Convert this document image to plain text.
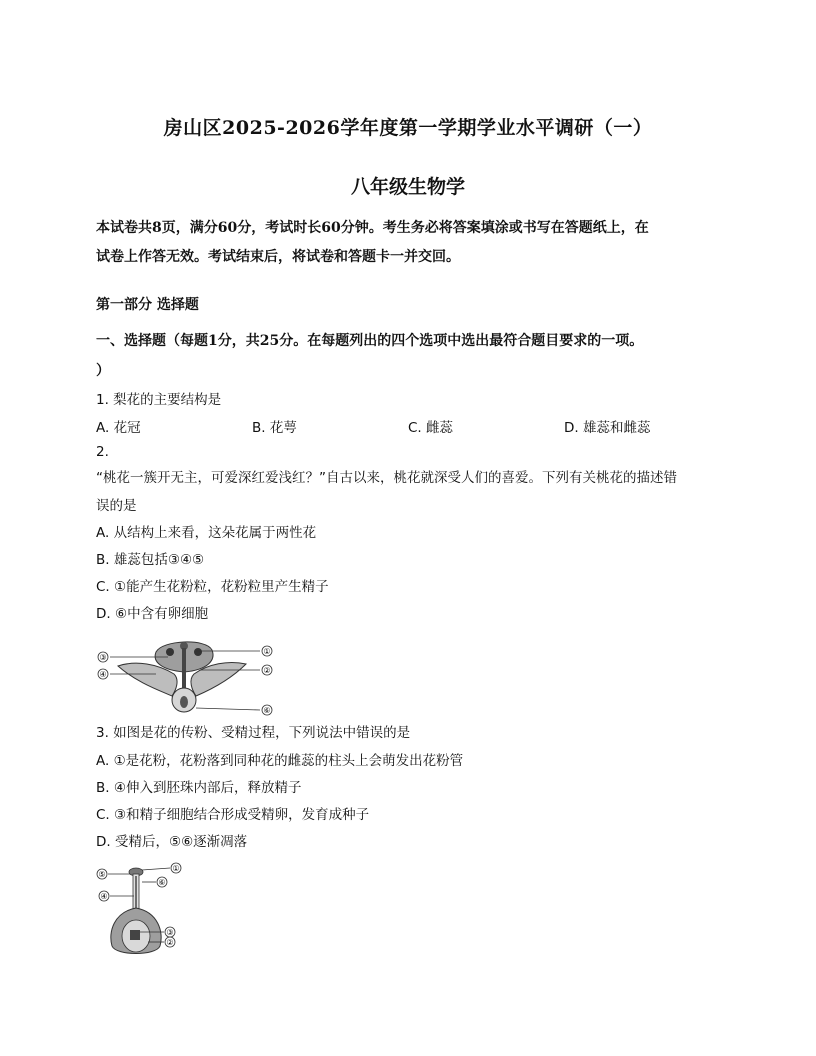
房山区2025-2026学年度第一学期学业水平调研（一）
八年级生物学
本试卷共8页，满分60分，考试时长60分钟。考生务必将答案填涂或书写在答题纸上，在
试卷上作答无效。考试结束后，将试卷和答题卡一并交回。
第一部分 选择题
一、选择题（每题1分，共25分。在每题列出的四个选项中选出最符合题目要求的一项。
）
1. 梨花的主要结构是
A. 花冠	B. 花萼	C. 雌蕊	D. 雄蕊和雌蕊
2.
“桃花一簇开无主，可爱深红爱浅红？”自古以来，桃花就深受人们的喜爱。下列有关桃花的描述错
误的是
A. 从结构上来看，这朵花属于两性花
B. 雄蕊包括③④⑤
C. ①能产生花粉粒，花粉粒里产生精子
D. ⑥中含有卵细胞
③
④
①
②
⑥
3. 如图是花的传粉、受精过程，下列说法中错误的是
A. ①是花粉，花粉落到同种花的雌蕊的柱头上会萌发出花粉管
B. ④伸入到胚珠内部后，释放精子
C. ③和精子细胞结合形成受精卵，发育成种子
D. 受精后，⑤⑥逐渐凋落
⑤
①
⑥
④
③
②
